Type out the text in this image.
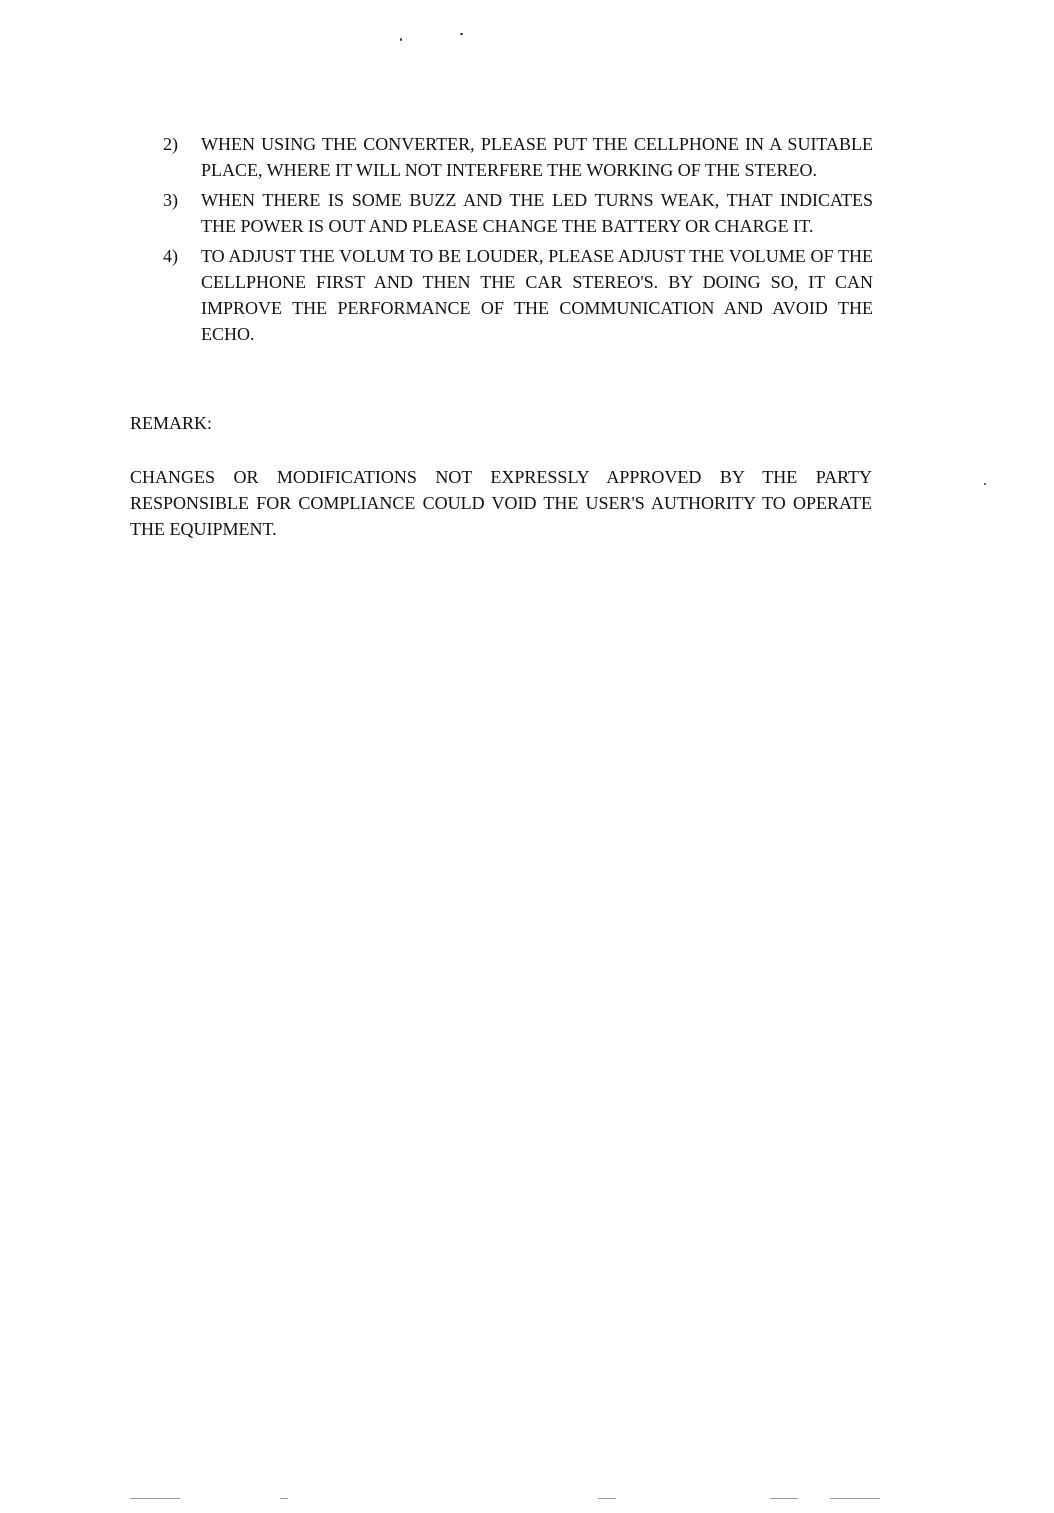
2)	WHEN USING THE CONVERTER, PLEASE PUT THE CELLPHONE IN A SUITABLE PLACE, WHERE IT WILL NOT INTERFERE THE WORKING OF THE STEREO.
3)	WHEN THERE IS SOME BUZZ AND THE LED TURNS WEAK, THAT INDICATES THE POWER IS OUT AND PLEASE CHANGE THE BATTERY OR CHARGE IT.
4)	TO ADJUST THE VOLUM TO BE LOUDER, PLEASE ADJUST THE VOLUME OF THE CELLPHONE FIRST AND THEN THE CAR STEREO'S. BY DOING SO, IT CAN IMPROVE THE PERFORMANCE OF THE COMMUNICATION AND AVOID THE ECHO.
REMARK:
CHANGES OR MODIFICATIONS NOT EXPRESSLY APPROVED BY THE PARTY RESPONSIBLE FOR COMPLIANCE COULD VOID THE USER'S AUTHORITY TO OPERATE THE EQUIPMENT.
